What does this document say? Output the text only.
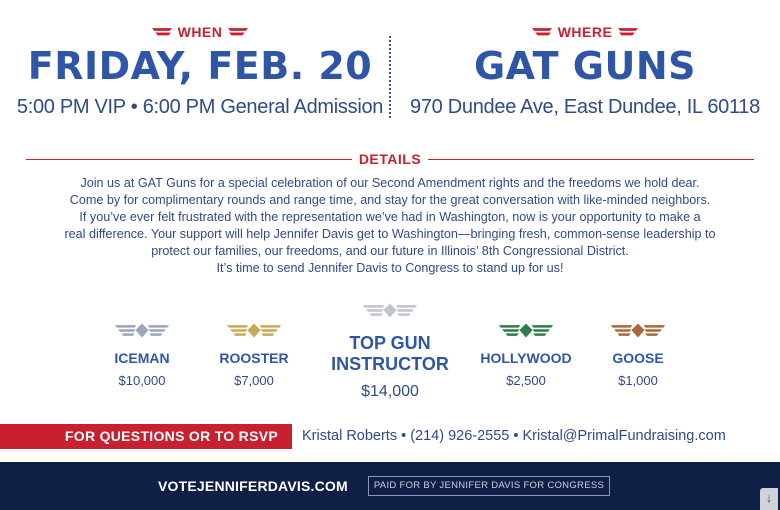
WHEN
FRIDAY, FEB. 20
5:00 PM VIP • 6:00 PM General Admission
WHERE
GAT GUNS
970 Dundee Ave, East Dundee, IL 60118
DETAILS
Join us at GAT Guns for a special celebration of our Second Amendment rights and the freedoms we hold dear.
Come by for complimentary rounds and range time, and stay for the great conversation with like-minded neighbors.
If you’ve ever felt frustrated with the representation we’ve had in Washington, now is your opportunity to make a
real difference. Your support will help Jennifer Davis get to Washington—bringing fresh, common-sense leadership to
protect our families, our freedoms, and our future in Illinois’ 8th Congressional District.
It’s time to send Jennifer Davis to Congress to stand up for us!
ICEMAN
$10,000
ROOSTER
$7,000
TOP GUN
INSTRUCTOR
$14,000
HOLLYWOOD
$2,500
GOOSE
$1,000
FOR QUESTIONS OR TO RSVP	Kristal Roberts • (214) 926-2555 • Kristal@PrimalFundraising.com
VOTEJENNIFERDAVIS.COM	PAID FOR BY JENNIFER DAVIS FOR CONGRESS
↓
